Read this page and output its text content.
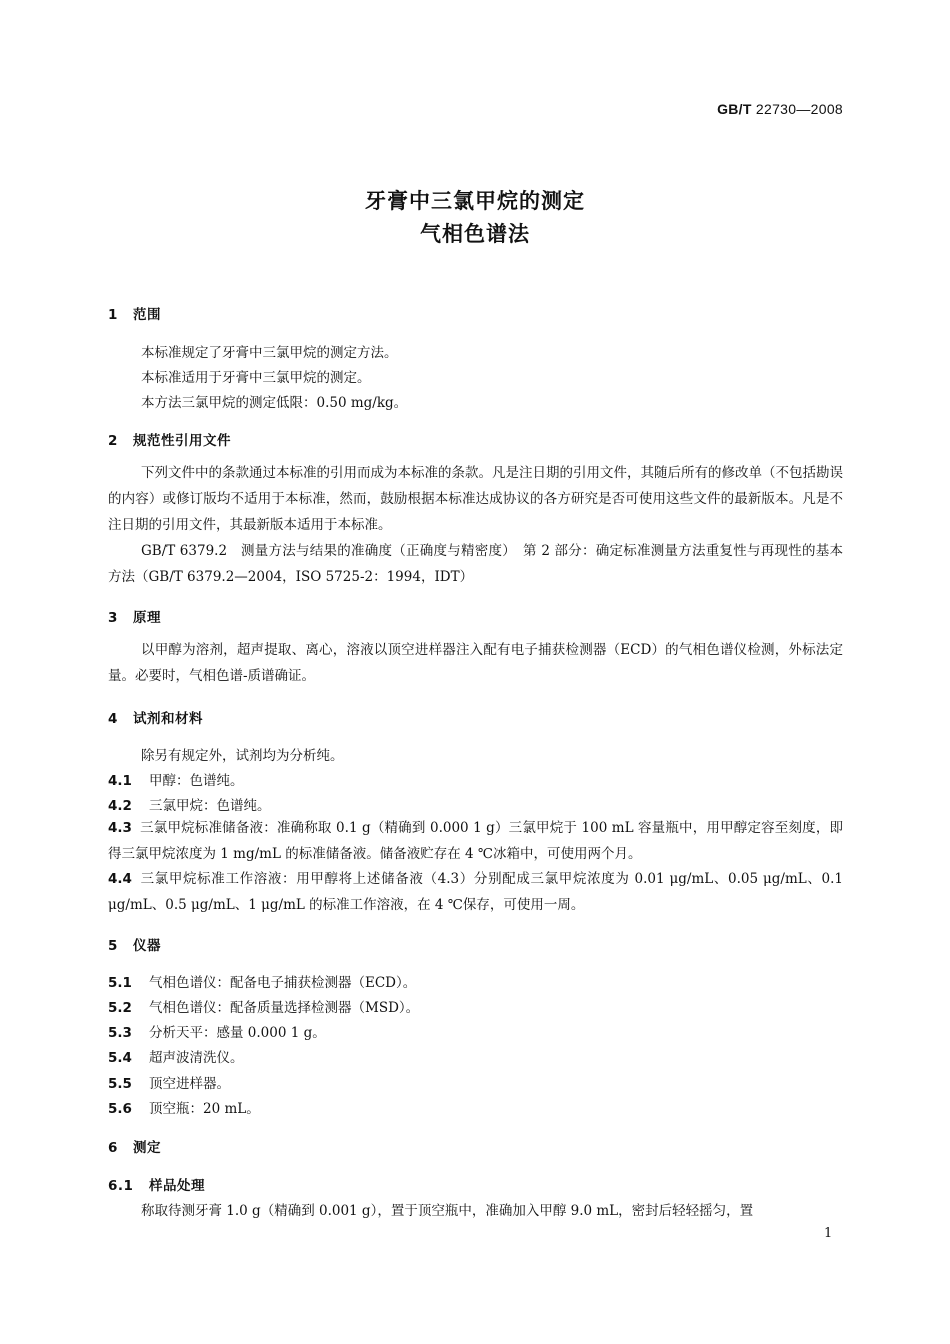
GB/T 22730—2008
牙膏中三氯甲烷的测定
气相色谱法
1 范围
本标准规定了牙膏中三氯甲烷的测定方法。
本标准适用于牙膏中三氯甲烷的测定。
本方法三氯甲烷的测定低限：0.50 mg/kg。
2 规范性引用文件
下列文件中的条款通过本标准的引用而成为本标准的条款。凡是注日期的引用文件，其随后所有的修改单（不包括勘误的内容）或修订版均不适用于本标准，然而，鼓励根据本标准达成协议的各方研究是否可使用这些文件的最新版本。凡是不注日期的引用文件，其最新版本适用于本标准。
GB/T 6379.2　测量方法与结果的准确度（正确度与精密度）　第 2 部分：确定标准测量方法重复性与再现性的基本方法（GB/T 6379.2—2004，ISO 5725-2：1994，IDT）
3 原理
以甲醇为溶剂，超声提取、离心，溶液以顶空进样器注入配有电子捕获检测器（ECD）的气相色谱仪检测，外标法定量。必要时，气相色谱-质谱确证。
4 试剂和材料
除另有规定外，试剂均为分析纯。
4.1 甲醇：色谱纯。
4.2 三氯甲烷：色谱纯。
4.3 三氯甲烷标准储备液：准确称取 0.1 g（精确到 0.000 1 g）三氯甲烷于 100 mL 容量瓶中，用甲醇定容至刻度，即得三氯甲烷浓度为 1 mg/mL 的标准储备液。储备液贮存在 4 ℃冰箱中，可使用两个月。
4.4 三氯甲烷标准工作溶液：用甲醇将上述储备液（4.3）分别配成三氯甲烷浓度为 0.01 μg/mL、0.05 μg/mL、0.1 μg/mL、0.5 μg/mL、1 μg/mL 的标准工作溶液，在 4 ℃保存，可使用一周。
5 仪器
5.1 气相色谱仪：配备电子捕获检测器（ECD）。
5.2 气相色谱仪：配备质量选择检测器（MSD）。
5.3 分析天平：感量 0.000 1 g。
5.4 超声波清洗仪。
5.5 顶空进样器。
5.6 顶空瓶：20 mL。
6 测定
6.1 样品处理
称取待测牙膏 1.0 g（精确到 0.001 g），置于顶空瓶中，准确加入甲醇 9.0 mL，密封后轻轻摇匀，置
1
